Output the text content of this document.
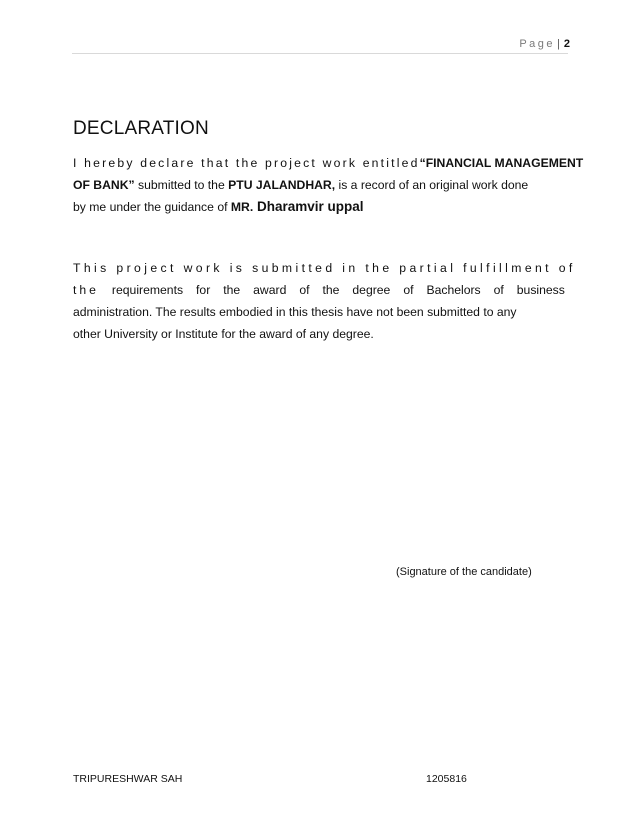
Page | 2
DECLARATION
I hereby declare that the project work entitled “FINANCIAL MANAGEMENT
OF BANK” submitted to the PTU JALANDHAR, is a record of an original work done
by me under the guidance of MR. Dharamvir uppal
This project work is submitted in the partial fulfillment of
the requirements for the award of the degree of Bachelors of business
administration. The results embodied in this thesis have not been submitted to any
other University or Institute for the award of any degree.
(Signature of the candidate)
TRIPURESHWAR SAH	1205816
